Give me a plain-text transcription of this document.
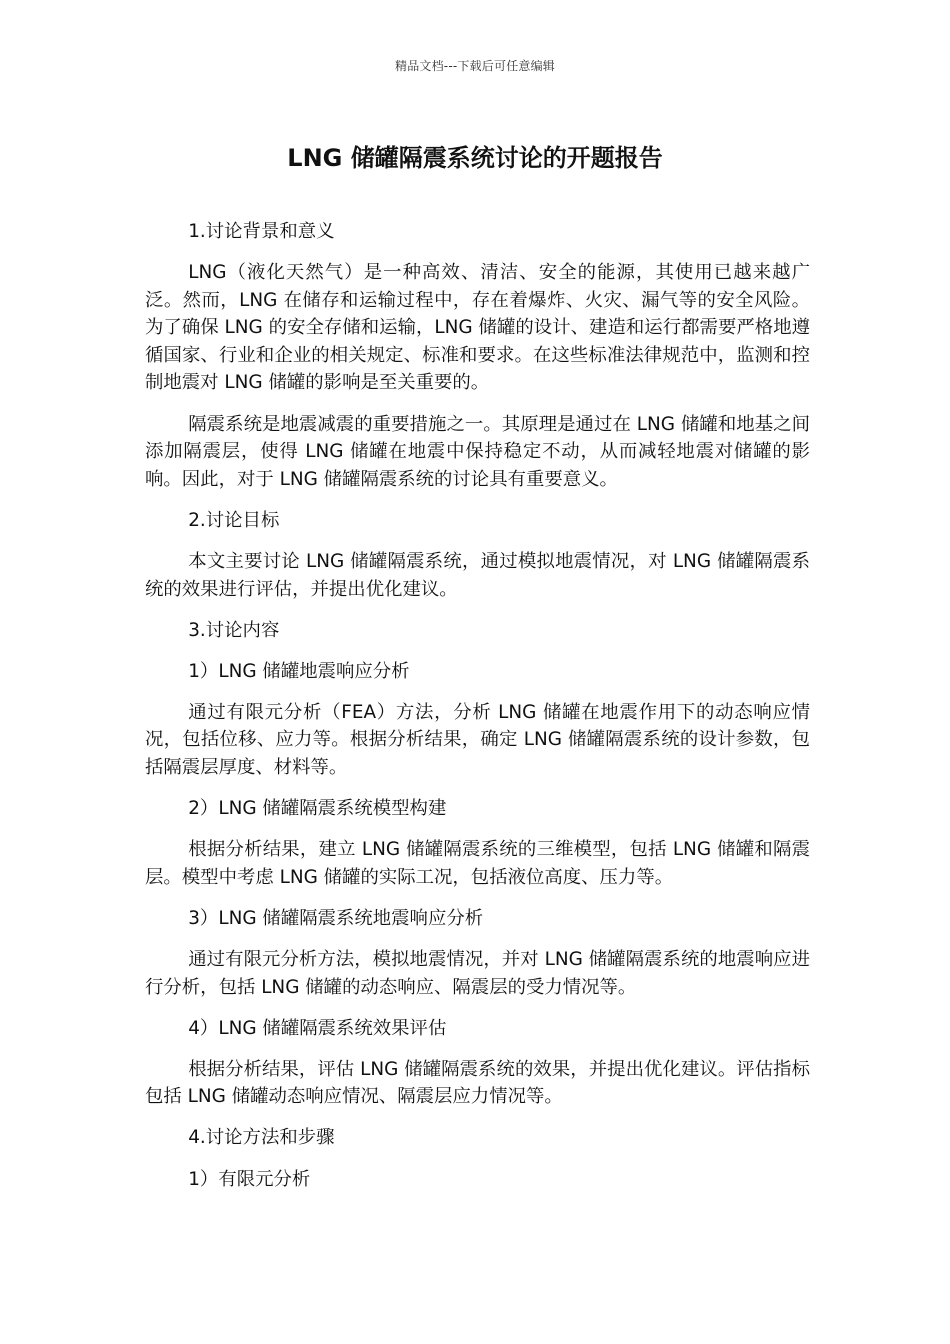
精品文档---下载后可任意编辑
LNG 储罐隔震系统讨论的开题报告

1.讨论背景和意义

LNG（液化天然气）是一种高效、清洁、安全的能源，其使用已越来越广泛。然而，LNG 在储存和运输过程中，存在着爆炸、火灾、漏气等的安全风险。为了确保 LNG 的安全存储和运输，LNG 储罐的设计、建造和运行都需要严格地遵循国家、行业和企业的相关规定、标准和要求。在这些标准法律规范中，监测和控制地震对 LNG 储罐的影响是至关重要的。

隔震系统是地震减震的重要措施之一。其原理是通过在 LNG 储罐和地基之间添加隔震层，使得 LNG 储罐在地震中保持稳定不动，从而减轻地震对储罐的影响。因此，对于 LNG 储罐隔震系统的讨论具有重要意义。

2.讨论目标

本文主要讨论 LNG 储罐隔震系统，通过模拟地震情况，对 LNG 储罐隔震系统的效果进行评估，并提出优化建议。

3.讨论内容

1）LNG 储罐地震响应分析

通过有限元分析（FEA）方法，分析 LNG 储罐在地震作用下的动态响应情况，包括位移、应力等。根据分析结果，确定 LNG 储罐隔震系统的设计参数，包括隔震层厚度、材料等。

2）LNG 储罐隔震系统模型构建

根据分析结果，建立 LNG 储罐隔震系统的三维模型，包括 LNG 储罐和隔震层。模型中考虑 LNG 储罐的实际工况，包括液位高度、压力等。

3）LNG 储罐隔震系统地震响应分析

通过有限元分析方法，模拟地震情况，并对 LNG 储罐隔震系统的地震响应进行分析，包括 LNG 储罐的动态响应、隔震层的受力情况等。

4）LNG 储罐隔震系统效果评估

根据分析结果，评估 LNG 储罐隔震系统的效果，并提出优化建议。评估指标包括 LNG 储罐动态响应情况、隔震层应力情况等。

4.讨论方法和步骤

1）有限元分析
